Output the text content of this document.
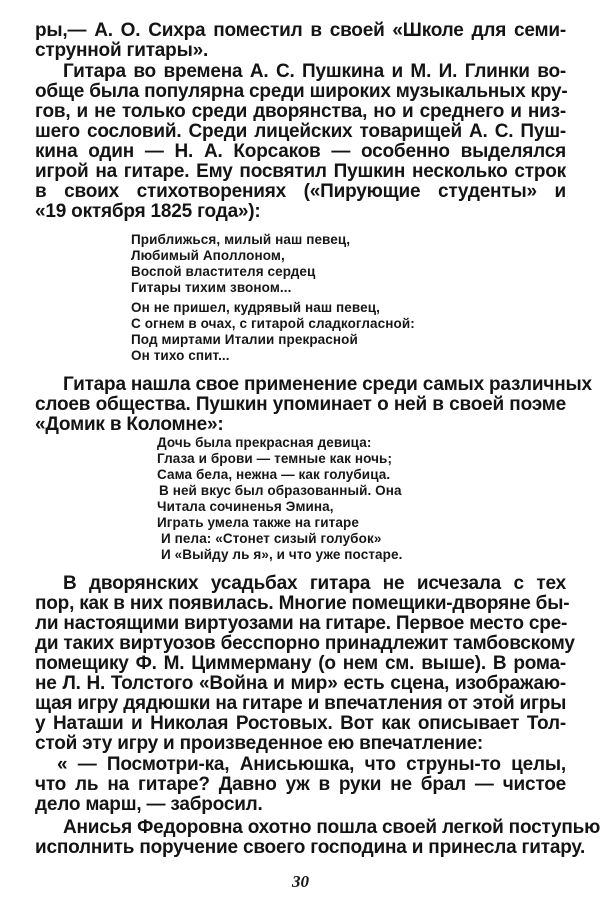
ры,— А. О. Сихра поместил в своей «Школе для семи-
струнной гитары».
Гитара во времена А. С. Пушкина и М. И. Глинки во-
обще была популярна среди широких музыкальных кру-
гов, и не только среди дворянства, но и среднего и низ-
шего сословий. Среди лицейских товарищей А. С. Пуш-
кина один — Н. А. Корсаков — особенно выделялся
игрой на гитаре. Ему посвятил Пушкин несколько строк
в своих стихотворениях («Пирующие студенты» и
«19 октября 1825 года»):
Приближься, милый наш певец,
Любимый Аполлоном,
Воспой властителя сердец
Гитары тихим звоном...
Он не пришел, кудрявый наш певец,
С огнем в очах, с гитарой сладкогласной:
Под миртами Италии прекрасной
Он тихо спит...
Гитара нашла свое применение среди самых различных
слоев общества. Пушкин упоминает о ней в своей поэме
«Домик в Коломне»:
Дочь была прекрасная девица:
Глаза и брови — темные как ночь;
Сама бела, нежна — как голубица.
В ней вкус был образованный. Она
Читала сочиненья Эмина,
Играть умела также на гитаре
И пела: «Стонет сизый голубок»
И «Выйду ль я», и что уже постаре.
В дворянских усадьбах гитара не исчезала с тех
пор, как в них появилась. Многие помещики-дворяне бы-
ли настоящими виртуозами на гитаре. Первое место сре-
ди таких виртуозов бесспорно принадлежит тамбовскому
помещику Ф. М. Циммерману (о нем см. выше). В рома-
не Л. Н. Толстого «Война и мир» есть сцена, изображаю-
щая игру дядюшки на гитаре и впечатления от этой игры
у Наташи и Николая Ростовых. Вот как описывает Тол-
стой эту игру и произведенное ею впечатление:
« — Посмотри-ка, Анисьюшка, что струны-то целы,
что ль на гитаре? Давно уж в руки не брал — чистое
дело марш, — забросил.
Анисья Федоровна охотно пошла своей легкой поступью
исполнить поручение своего господина и принесла гитару.
30
